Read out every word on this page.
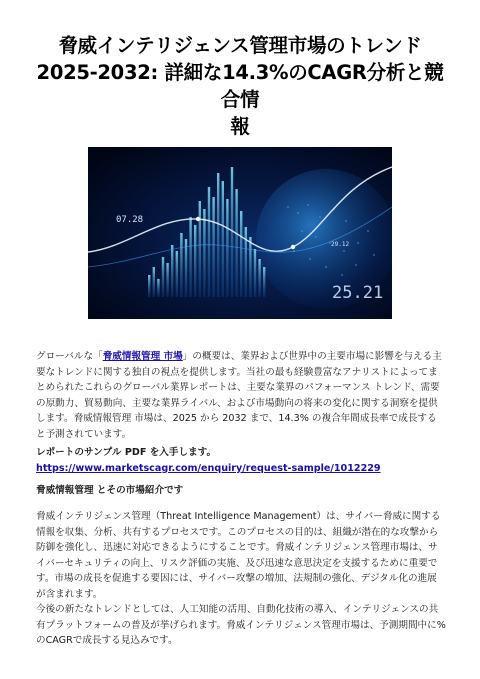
脅威インテリジェンス管理市場のトレンド
2025-2032: 詳細な14.3%のCAGR分析と競合情
報
07.28
29.12
25.21
グローバルな「脅威情報管理 市場」の概要は、業界および世界中の主要市場に影響を与える主要なトレンドに関する独自の視点を提供します。当社の最も経験豊富なアナリストによってまとめられたこれらのグローバル業界レポートは、主要な業界のパフォーマンス トレンド、需要の原動力、貿易動向、主要な業界ライバル、および市場動向の将来の変化に関する洞察を提供します。脅威情報管理 市場は、2025 から 2032 まで、14.3% の複合年間成長率で成長すると予測されています。
レポートのサンプル PDF を入手します。https://www.marketscagr.com/enquiry/request-sample/1012229
脅威情報管理 とその市場紹介です
脅威インテリジェンス管理（Threat Intelligence Management）は、サイバー脅威に関する情報を収集、分析、共有するプロセスです。このプロセスの目的は、組織が潜在的な攻撃から防御を強化し、迅速に対応できるようにすることです。脅威インテリジェンス管理市場は、サイバーセキュリティの向上、リスク評価の実施、及び迅速な意思決定を支援するために重要です。市場の成長を促進する要因には、サイバー攻撃の増加、法規制の強化、デジタル化の進展が含まれます。
今後の新たなトレンドとしては、人工知能の活用、自動化技術の導入、インテリジェンスの共有プラットフォームの普及が挙げられます。脅威インテリジェンス管理市場は、予測期間中に%のCAGRで成長する見込みです。
